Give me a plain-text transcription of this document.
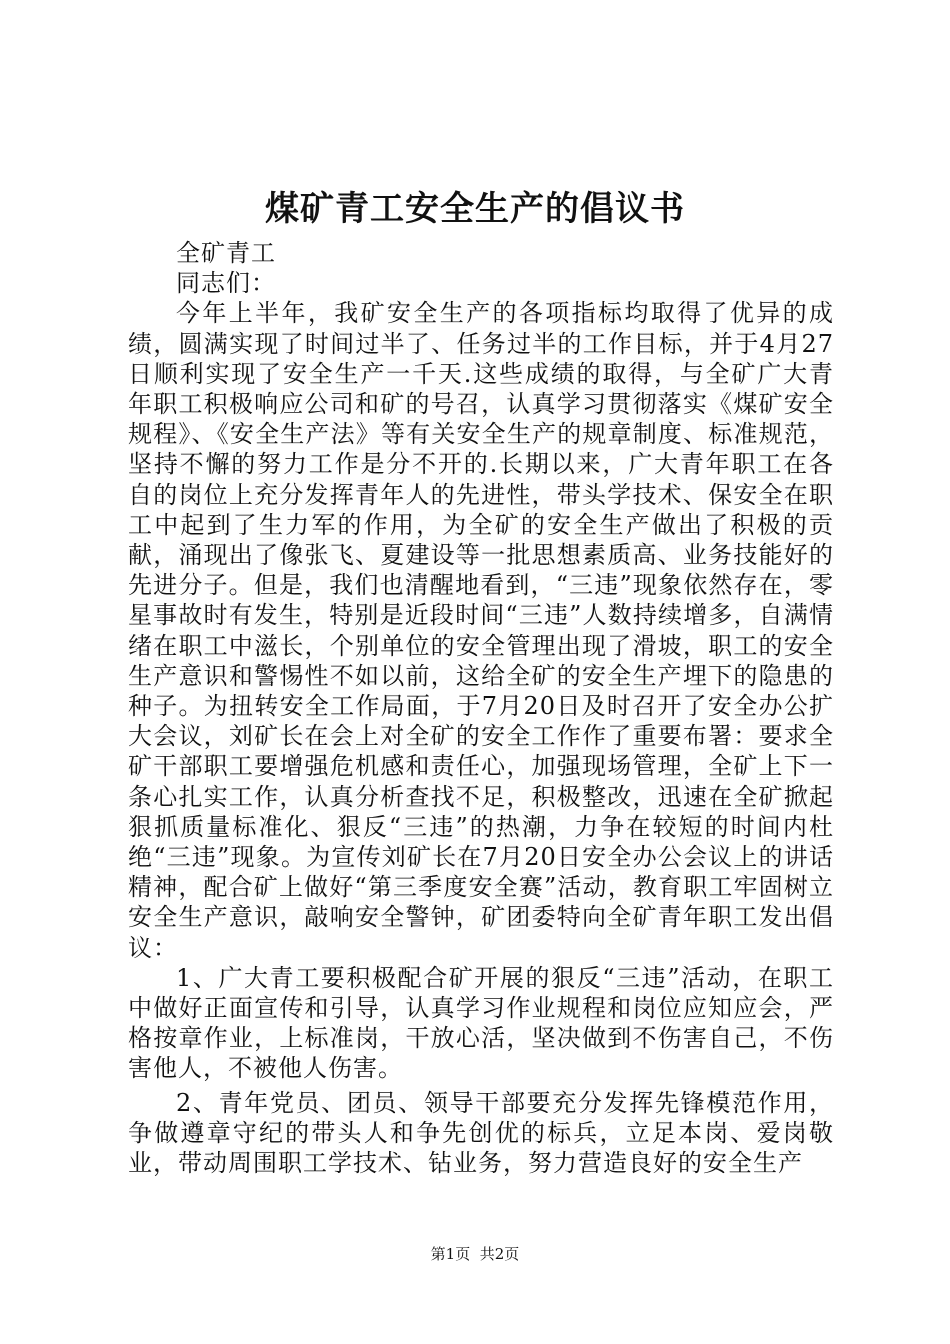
煤矿青工安全生产的倡议书

全矿青工

同志们：

今年上半年，我矿安全生产的各项指标均取得了优异的成绩，圆满实现了时间过半了、任务过半的工作目标，并于4月27日顺利实现了安全生产一千天.这些成绩的取得，与全矿广大青年职工积极响应公司和矿的号召，认真学习贯彻落实《煤矿安全规程》、《安全生产法》等有关安全生产的规章制度、标准规范，坚持不懈的努力工作是分不开的.长期以来，广大青年职工在各自的岗位上充分发挥青年人的先进性，带头学技术、保安全在职工中起到了生力军的作用，为全矿的安全生产做出了积极的贡献，涌现出了像张飞、夏建设等一批思想素质高、业务技能好的先进分子。但是，我们也清醒地看到，“三违”现象依然存在，零星事故时有发生，特别是近段时间“三违”人数持续增多，自满情绪在职工中滋长，个别单位的安全管理出现了滑坡，职工的安全生产意识和警惕性不如以前，这给全矿的安全生产埋下的隐患的种子。为扭转安全工作局面，于7月20日及时召开了安全办公扩大会议，刘矿长在会上对全矿的安全工作作了重要布署：要求全矿干部职工要增强危机感和责任心，加强现场管理，全矿上下一条心扎实工作，认真分析查找不足，积极整改，迅速在全矿掀起狠抓质量标准化、狠反“三违”的热潮，力争在较短的时间内杜绝“三违”现象。为宣传刘矿长在7月20日安全办公会议上的讲话精神，配合矿上做好“第三季度安全赛”活动，教育职工牢固树立安全生产意识，敲响安全警钟，矿团委特向全矿青年职工发出倡议：

1、广大青工要积极配合矿开展的狠反“三违”活动，在职工中做好正面宣传和引导，认真学习作业规程和岗位应知应会，严格按章作业，上标准岗，干放心活，坚决做到不伤害自己，不伤害他人，不被他人伤害。

2、青年党员、团员、领导干部要充分发挥先锋模范作用，争做遵章守纪的带头人和争先创优的标兵，立足本岗、爱岗敬业，带动周围职工学技术、钻业务，努力营造良好的安全生产

第1页 共2页
